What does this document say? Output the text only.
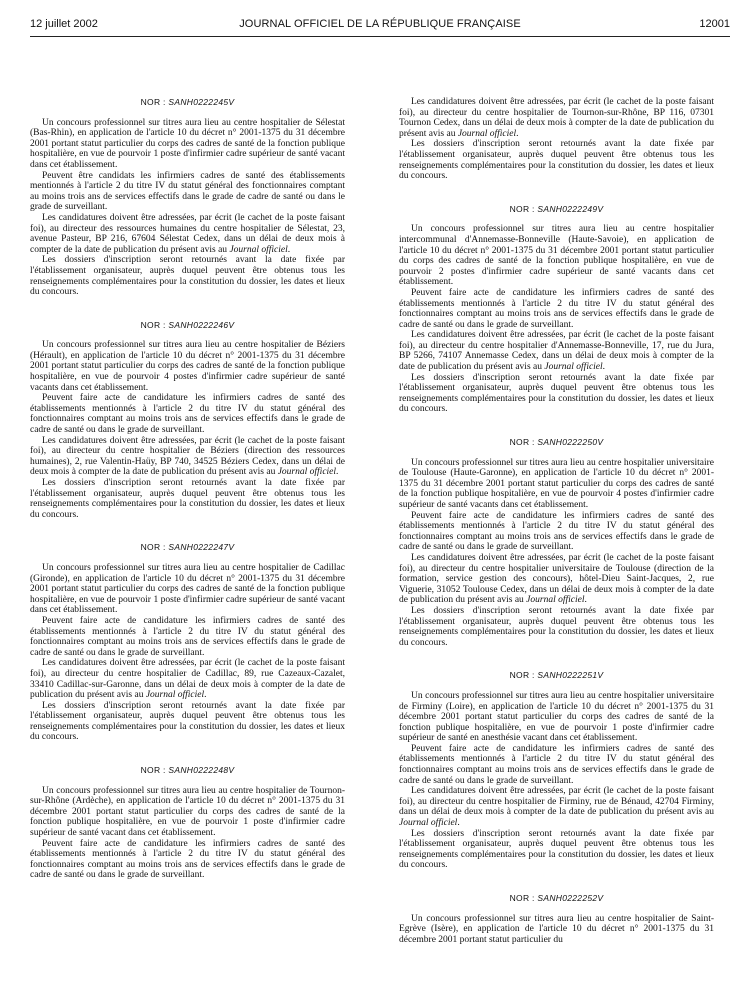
12 juillet 2002	JOURNAL OFFICIEL DE LA RÉPUBLIQUE FRANÇAISE	12001
NOR : SANH0222245V

Un concours professionnel sur titres aura lieu au centre hospitalier de Sélestat (Bas-Rhin), en application de l'article 10 du décret n° 2001-1375 du 31 décembre 2001 portant statut particulier du corps des cadres de santé de la fonction publique hospitalière, en vue de pourvoir 1 poste d'infirmier cadre supérieur de santé vacant dans cet établissement.

Peuvent être candidats les infirmiers cadres de santé des établissements mentionnés à l'article 2 du titre IV du statut général des fonctionnaires comptant au moins trois ans de services effectifs dans le grade de cadre de santé ou dans le grade de surveillant.

Les candidatures doivent être adressées, par écrit (le cachet de la poste faisant foi), au directeur des ressources humaines du centre hospitalier de Sélestat, 23, avenue Pasteur, BP 216, 67604 Sélestat Cedex, dans un délai de deux mois à compter de la date de publication du présent avis au Journal officiel.

Les dossiers d'inscription seront retournés avant la date fixée par l'établissement organisateur, auprès duquel peuvent être obtenus tous les renseignements complémentaires pour la constitution du dossier, les dates et lieux du concours.

NOR : SANH0222246V

Un concours professionnel sur titres aura lieu au centre hospitalier de Béziers (Hérault), en application de l'article 10 du décret n° 2001-1375 du 31 décembre 2001 portant statut particulier du corps des cadres de santé de la fonction publique hospitalière, en vue de pourvoir 4 postes d'infirmier cadre supérieur de santé vacants dans cet établissement.

Peuvent faire acte de candidature les infirmiers cadres de santé des établissements mentionnés à l'article 2 du titre IV du statut général des fonctionnaires comptant au moins trois ans de services effectifs dans le grade de cadre de santé ou dans le grade de surveillant.

Les candidatures doivent être adressées, par écrit (le cachet de la poste faisant foi), au directeur du centre hospitalier de Béziers (direction des ressources humaines), 2, rue Valentin-Haüy, BP 740, 34525 Béziers Cedex, dans un délai de deux mois à compter de la date de publication du présent avis au Journal officiel.

Les dossiers d'inscription seront retournés avant la date fixée par l'établissement organisateur, auprès duquel peuvent être obtenus tous les renseignements complémentaires pour la constitution du dossier, les dates et lieux du concours.

NOR : SANH0222247V

Un concours professionnel sur titres aura lieu au centre hospitalier de Cadillac (Gironde), en application de l'article 10 du décret n° 2001-1375 du 31 décembre 2001 portant statut particulier du corps des cadres de santé de la fonction publique hospitalière, en vue de pourvoir 1 poste d'infirmier cadre supérieur de santé vacant dans cet établissement.

Peuvent faire acte de candidature les infirmiers cadres de santé des établissements mentionnés à l'article 2 du titre IV du statut général des fonctionnaires comptant au moins trois ans de services effectifs dans le grade de cadre de santé ou dans le grade de surveillant.

Les candidatures doivent être adressées, par écrit (le cachet de la poste faisant foi), au directeur du centre hospitalier de Cadillac, 89, rue Cazeaux-Cazalet, 33410 Cadillac-sur-Garonne, dans un délai de deux mois à compter de la date de publication du présent avis au Journal officiel.

Les dossiers d'inscription seront retournés avant la date fixée par l'établissement organisateur, auprès duquel peuvent être obtenus tous les renseignements complémentaires pour la constitution du dossier, les dates et lieux du concours.

NOR : SANH0222248V

Un concours professionnel sur titres aura lieu au centre hospitalier de Tournon-sur-Rhône (Ardèche), en application de l'article 10 du décret n° 2001-1375 du 31 décembre 2001 portant statut particulier du corps des cadres de santé de la fonction publique hospitalière, en vue de pourvoir 1 poste d'infirmier cadre supérieur de santé vacant dans cet établissement.

Peuvent faire acte de candidature les infirmiers cadres de santé des établissements mentionnés à l'article 2 du titre IV du statut général des fonctionnaires comptant au moins trois ans de services effectifs dans le grade de cadre de santé ou dans le grade de surveillant.

Les candidatures doivent être adressées, par écrit (le cachet de la poste faisant foi), au directeur du centre hospitalier de Tournon-sur-Rhône, BP 116, 07301 Tournon Cedex, dans un délai de deux mois à compter de la date de publication du présent avis au Journal officiel.

Les dossiers d'inscription seront retournés avant la date fixée par l'établissement organisateur, auprès duquel peuvent être obtenus tous les renseignements complémentaires pour la constitution du dossier, les dates et lieux du concours.

NOR : SANH0222249V

Un concours professionnel sur titres aura lieu au centre hospitalier intercommunal d'Annemasse-Bonneville (Haute-Savoie), en application de l'article 10 du décret n° 2001-1375 du 31 décembre 2001 portant statut particulier du corps des cadres de santé de la fonction publique hospitalière, en vue de pourvoir 2 postes d'infirmier cadre supérieur de santé vacants dans cet établissement.

Peuvent faire acte de candidature les infirmiers cadres de santé des établissements mentionnés à l'article 2 du titre IV du statut général des fonctionnaires comptant au moins trois ans de services effectifs dans le grade de cadre de santé ou dans le grade de surveillant.

Les candidatures doivent être adressées, par écrit (le cachet de la poste faisant foi), au directeur du centre hospitalier d'Annemasse-Bonneville, 17, rue du Jura, BP 5266, 74107 Annemasse Cedex, dans un délai de deux mois à compter de la date de publication du présent avis au Journal officiel.

Les dossiers d'inscription seront retournés avant la date fixée par l'établissement organisateur, auprès duquel peuvent être obtenus tous les renseignements complémentaires pour la constitution du dossier, les dates et lieux du concours.

NOR : SANH0222250V

Un concours professionnel sur titres aura lieu au centre hospitalier universitaire de Toulouse (Haute-Garonne), en application de l'article 10 du décret n° 2001-1375 du 31 décembre 2001 portant statut particulier du corps des cadres de santé de la fonction publique hospitalière, en vue de pourvoir 4 postes d'infirmier cadre supérieur de santé vacants dans cet établissement.

Peuvent faire acte de candidature les infirmiers cadres de santé des établissements mentionnés à l'article 2 du titre IV du statut général des fonctionnaires comptant au moins trois ans de services effectifs dans le grade de cadre de santé ou dans le grade de surveillant.

Les candidatures doivent être adressées, par écrit (le cachet de la poste faisant foi), au directeur du centre hospitalier universitaire de Toulouse (direction de la formation, service gestion des concours), hôtel-Dieu Saint-Jacques, 2, rue Viguerie, 31052 Toulouse Cedex, dans un délai de deux mois à compter de la date de publication du présent avis au Journal officiel.

Les dossiers d'inscription seront retournés avant la date fixée par l'établissement organisateur, auprès duquel peuvent être obtenus tous les renseignements complémentaires pour la constitution du dossier, les dates et lieux du concours.

NOR : SANH0222251V

Un concours professionnel sur titres aura lieu au centre hospitalier universitaire de Firminy (Loire), en application de l'article 10 du décret n° 2001-1375 du 31 décembre 2001 portant statut particulier du corps des cadres de santé de la fonction publique hospitalière, en vue de pourvoir 1 poste d'infirmier cadre supérieur de santé en anesthésie vacant dans cet établissement.

Peuvent faire acte de candidature les infirmiers cadres de santé des établissements mentionnés à l'article 2 du titre IV du statut général des fonctionnaires comptant au moins trois ans de services effectifs dans le grade de cadre de santé ou dans le grade de surveillant.

Les candidatures doivent être adressées, par écrit (le cachet de la poste faisant foi), au directeur du centre hospitalier de Firminy, rue de Bénaud, 42704 Firminy, dans un délai de deux mois à compter de la date de publication du présent avis au Journal officiel.

Les dossiers d'inscription seront retournés avant la date fixée par l'établissement organisateur, auprès duquel peuvent être obtenus tous les renseignements complémentaires pour la constitution du dossier, les dates et lieux du concours.

NOR : SANH0222252V

Un concours professionnel sur titres aura lieu au centre hospitalier de Saint-Egrève (Isère), en application de l'article 10 du décret n° 2001-1375 du 31 décembre 2001 portant statut particulier du
